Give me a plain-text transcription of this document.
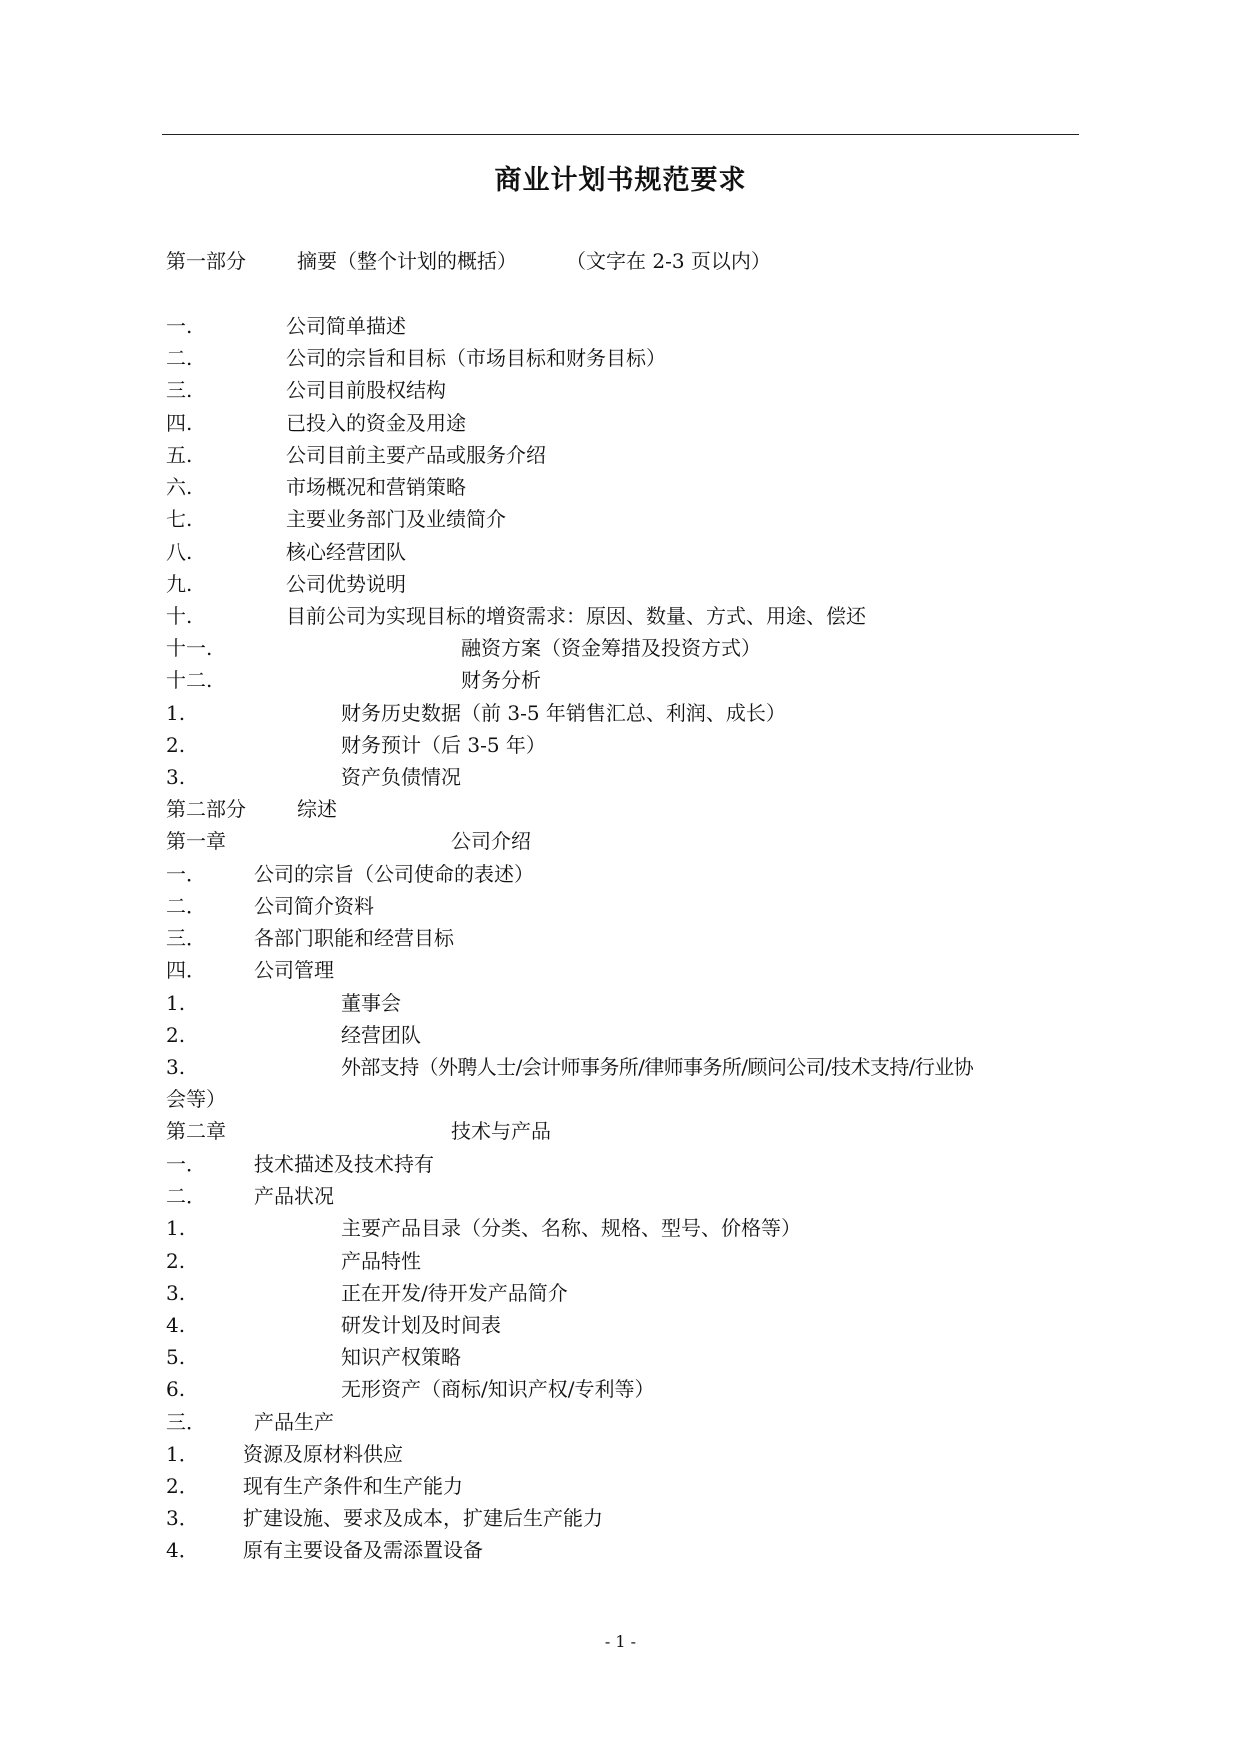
商业计划书规范要求
第一部分	摘要（整个计划的概括） （文字在 2-3 页以内）
一.	公司简单描述
二.	公司的宗旨和目标（市场目标和财务目标）
三.	公司目前股权结构
四.	已投入的资金及用途
五.	公司目前主要产品或服务介绍
六.	市场概况和营销策略
七.	主要业务部门及业绩简介
八.	核心经营团队
九.	公司优势说明
十.	目前公司为实现目标的增资需求：原因、数量、方式、用途、偿还
十一.	融资方案（资金筹措及投资方式）
十二.	财务分析
1.	财务历史数据（前 3-5 年销售汇总、利润、成长）
2.	财务预计（后 3-5 年）
3.	资产负债情况
第二部分	综述
第一章	公司介绍
一． 公司的宗旨（公司使命的表述）
二． 公司简介资料
三． 各部门职能和经营目标
四． 公司管理
1.	董事会
2.	经营团队
3.	外部支持（外聘人士/会计师事务所/律师事务所/顾问公司/技术支持/行业协
会等）
第二章	技术与产品
一． 技术描述及技术持有
二． 产品状况
1.	主要产品目录（分类、名称、规格、型号、价格等）
2.	产品特性
3.	正在开发/待开发产品简介
4.	研发计划及时间表
5.	知识产权策略
6.	无形资产（商标/知识产权/专利等）
三． 产品生产
1． 资源及原材料供应
2． 现有生产条件和生产能力
3． 扩建设施、要求及成本，扩建后生产能力
4． 原有主要设备及需添置设备
- 1 -
